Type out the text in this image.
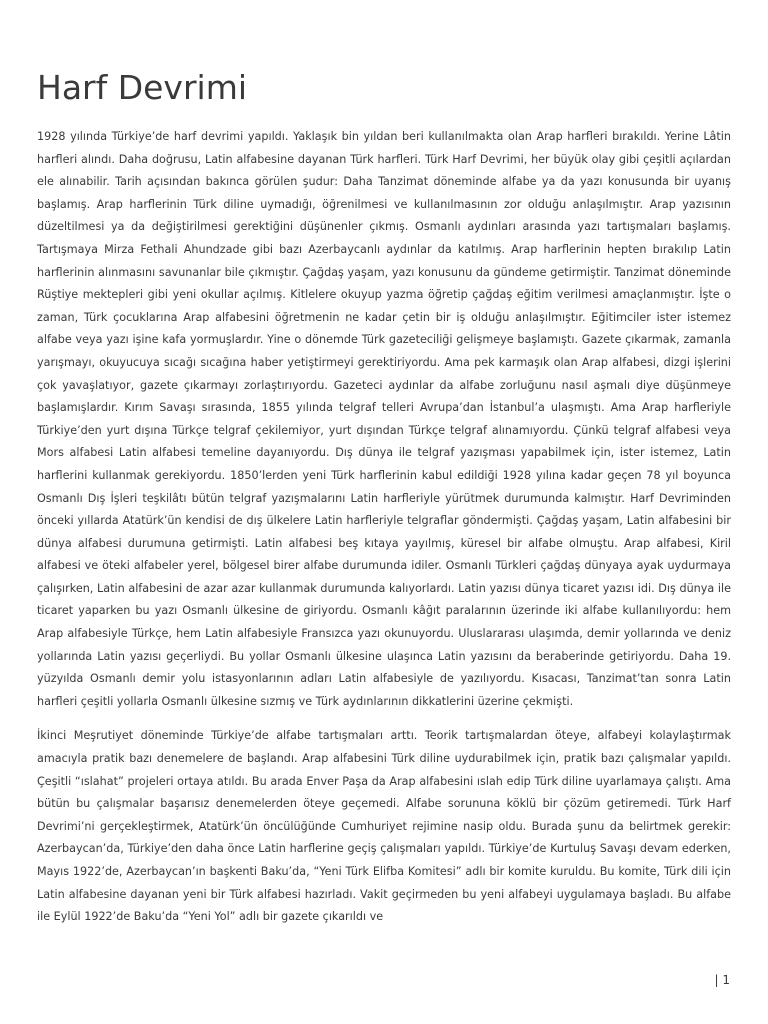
Harf Devrimi

1928 yılında Türkiye’de harf devrimi yapıldı. Yaklaşık bin yıldan beri kullanılmakta olan Arap harfleri bırakıldı. Yerine Lâtin harfleri alındı. Daha doğrusu, Latin alfabesine dayanan Türk harfleri. Türk Harf Devrimi, her büyük olay gibi çeşitli açılardan ele alınabilir. Tarih açısından bakınca görülen şudur: Daha Tanzimat döneminde alfabe ya da yazı konusunda bir uyanış başlamış. Arap harflerinin Türk diline uymadığı, öğrenilmesi ve kullanılmasının zor olduğu anlaşılmıştır. Arap yazısının düzeltilmesi ya da değiştirilmesi gerektiğini düşünenler çıkmış. Osmanlı aydınları arasında yazı tartışmaları başlamış. Tartışmaya Mirza Fethali Ahundzade gibi bazı Azerbaycanlı aydınlar da katılmış. Arap harflerinin hepten bırakılıp Latin harflerinin alınmasını savunanlar bile çıkmıştır. Çağdaş yaşam, yazı konusunu da gündeme getirmiştir. Tanzimat döneminde Rüştiye mektepleri gibi yeni okullar açılmış. Kitlelere okuyup yazma öğretip çağdaş eğitim verilmesi amaçlanmıştır. İşte o zaman, Türk çocuklarına Arap alfabesini öğretmenin ne kadar çetin bir iş olduğu anlaşılmıştır. Eğitimciler ister istemez alfabe veya yazı işine kafa yormuşlardır. Yine o dönemde Türk gazeteciliği gelişmeye başlamıştı. Gazete çıkarmak, zamanla yarışmayı, okuyucuya sıcağı sıcağına haber yetiştirmeyi gerektiriyordu. Ama pek karmaşık olan Arap alfabesi, dizgi işlerini çok yavaşlatıyor, gazete çıkarmayı zorlaştırıyordu. Gazeteci aydınlar da alfabe zorluğunu nasıl aşmalı diye düşünmeye başlamışlardır. Kırım Savaşı sırasında, 1855 yılında telgraf telleri Avrupa’dan İstanbul’a ulaşmıştı. Ama Arap harfleriyle Türkiye’den yurt dışına Türkçe telgraf çekilemiyor, yurt dışından Türkçe telgraf alınamıyordu. Çünkü telgraf alfabesi veya Mors alfabesi Latin alfabesi temeline dayanıyordu. Dış dünya ile telgraf yazışması yapabilmek için, ister istemez, Latin harflerini kullanmak gerekiyordu. 1850’lerden yeni Türk harflerinin kabul edildiği 1928 yılına kadar geçen 78 yıl boyunca Osmanlı Dış İşleri teşkilâtı bütün telgraf yazışmalarını Latin harfleriyle yürütmek durumunda kalmıştır. Harf Devriminden önceki yıllarda Atatürk’ün kendisi de dış ülkelere Latin harfleriyle telgraflar göndermişti. Çağdaş yaşam, Latin alfabesini bir dünya alfabesi durumuna getirmişti. Latin alfabesi beş kıtaya yayılmış, küresel bir alfabe olmuştu. Arap alfabesi, Kiril alfabesi ve öteki alfabeler yerel, bölgesel birer alfabe durumunda idiler. Osmanlı Türkleri çağdaş dünyaya ayak uydurmaya çalışırken, Latin alfabesini de azar azar kullanmak durumunda kalıyorlardı. Latin yazısı dünya ticaret yazısı idi. Dış dünya ile ticaret yaparken bu yazı Osmanlı ülkesine de giriyordu. Osmanlı kâğıt paralarının üzerinde iki alfabe kullanılıyordu: hem Arap alfabesiyle Türkçe, hem Latin alfabesiyle Fransızca yazı okunuyordu. Uluslararası ulaşımda, demir yollarında ve deniz yollarında Latin yazısı geçerliydi. Bu yollar Osmanlı ülkesine ulaşınca Latin yazısını da beraberinde getiriyordu. Daha 19. yüzyılda Osmanlı demir yolu istasyonlarının adları Latin alfabesiyle de yazılıyordu. Kısacası, Tanzimat’tan sonra Latin harfleri çeşitli yollarla Osmanlı ülkesine sızmış ve Türk aydınlarının dikkatlerini üzerine çekmişti.

İkinci Meşrutiyet döneminde Türkiye’de alfabe tartışmaları arttı. Teorik tartışmalardan öteye, alfabeyi kolaylaştırmak amacıyla pratik bazı denemelere de başlandı. Arap alfabesini Türk diline uydurabilmek için, pratik bazı çalışmalar yapıldı. Çeşitli “ıslahat” projeleri ortaya atıldı. Bu arada Enver Paşa da Arap alfabesini ıslah edip Türk diline uyarlamaya çalıştı. Ama bütün bu çalışmalar başarısız denemelerden öteye geçemedi. Alfabe sorununa köklü bir çözüm getiremedi. Türk Harf Devrimi’ni gerçekleştirmek, Atatürk’ün öncülüğünde Cumhuriyet rejimine nasip oldu. Burada şunu da belirtmek gerekir: Azerbaycan’da, Türkiye’den daha önce Latin harflerine geçiş çalışmaları yapıldı. Türkiye’de Kurtuluş Savaşı devam ederken, Mayıs 1922’de, Azerbaycan’ın başkenti Baku’da, “Yeni Türk Elifba Komitesi” adlı bir komite kuruldu. Bu komite, Türk dili için Latin alfabesine dayanan yeni bir Türk alfabesi hazırladı. Vakit geçirmeden bu yeni alfabeyi uygulamaya başladı. Bu alfabe ile Eylül 1922’de Baku’da “Yeni Yol” adlı bir gazete çıkarıldı ve

| 1
